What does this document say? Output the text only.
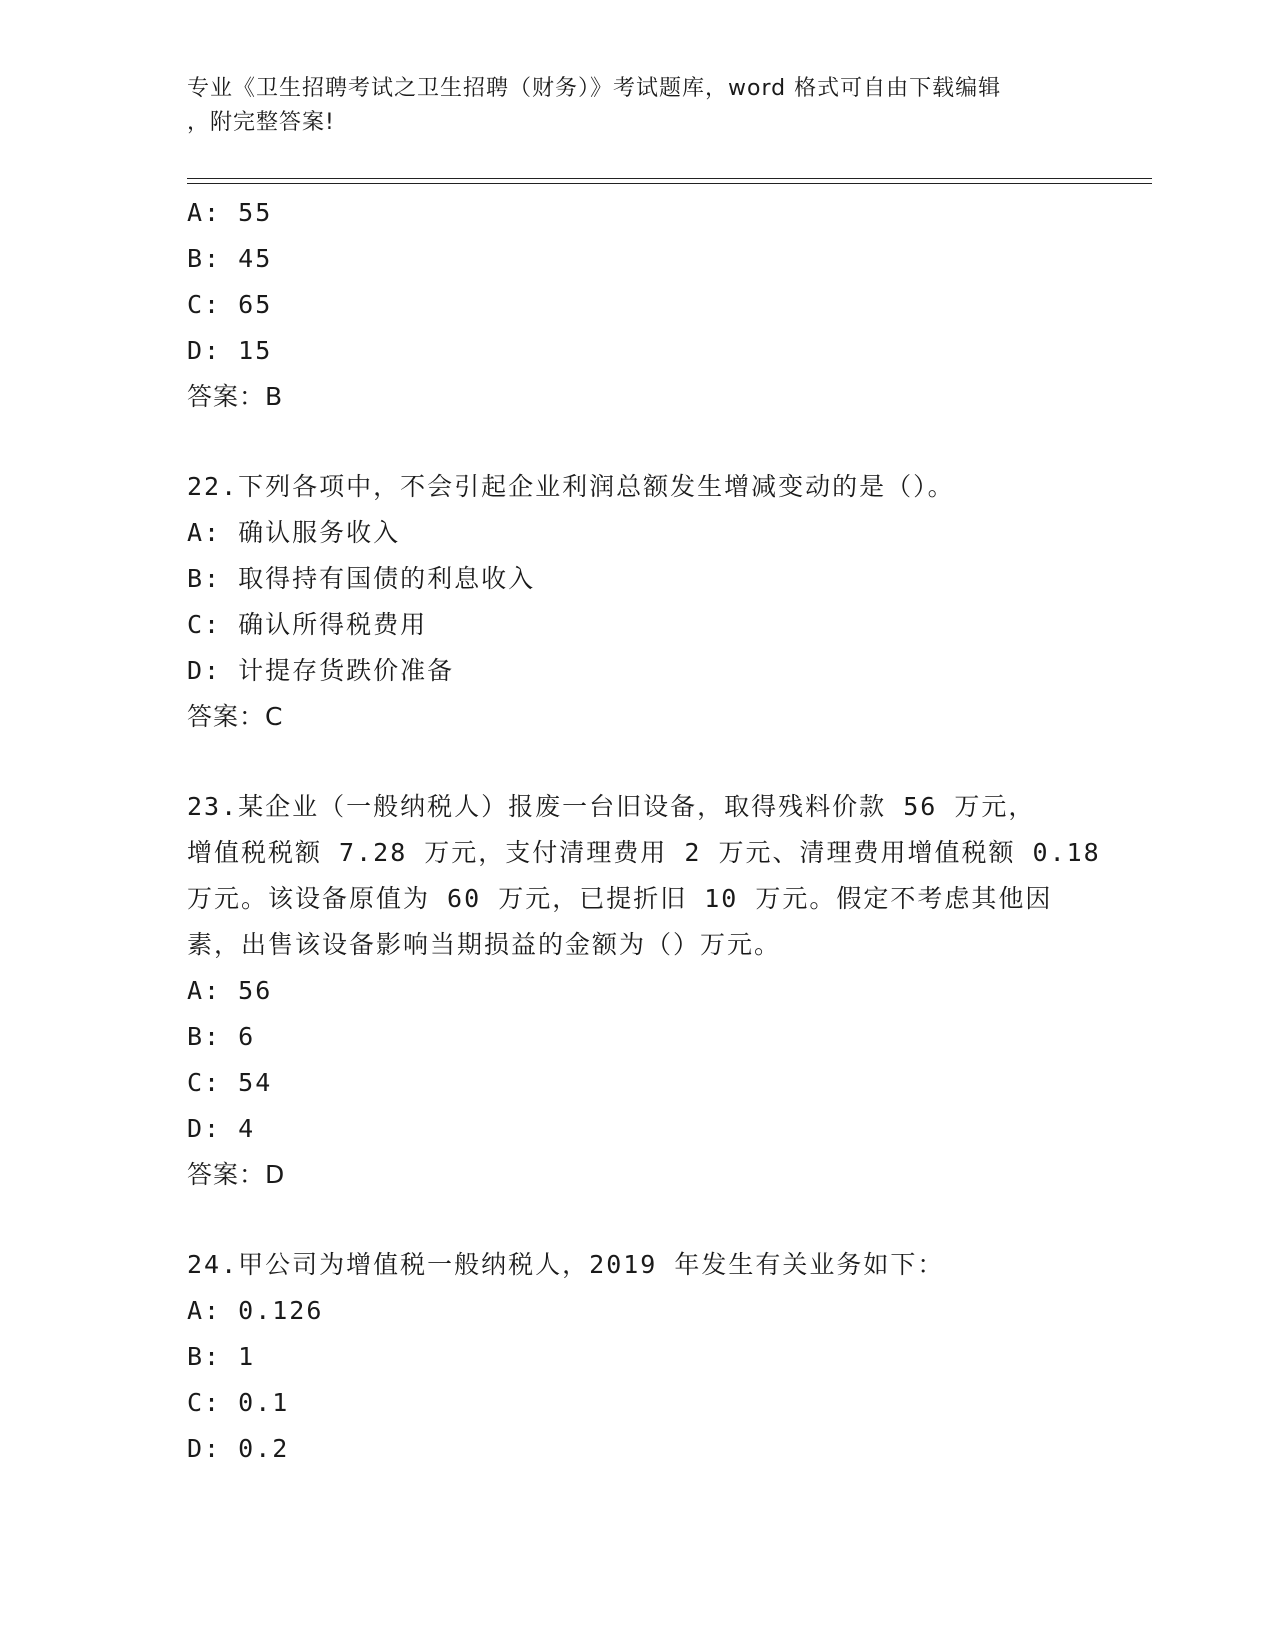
专业《卫生招聘考试之卫生招聘（财务）》考试题库，word 格式可自由下载编辑
，附完整答案!
A: 55
B: 45
C: 65
D: 15
答案：B
22.下列各项中，不会引起企业利润总额发生增减变动的是（）。
A: 确认服务收入
B: 取得持有国债的利息收入
C: 确认所得税费用
D: 计提存货跌价准备
答案：C
23.某企业（一般纳税人）报废一台旧设备，取得残料价款 56 万元，
增值税税额 7.28 万元，支付清理费用 2 万元、清理费用增值税额 0.18
万元。该设备原值为 60 万元，已提折旧 10 万元。假定不考虑其他因
素，出售该设备影响当期损益的金额为（）万元。
A: 56
B: 6
C: 54
D: 4
答案：D
24.甲公司为增值税一般纳税人，2019 年发生有关业务如下：
A: 0.126
B: 1
C: 0.1
D: 0.2
